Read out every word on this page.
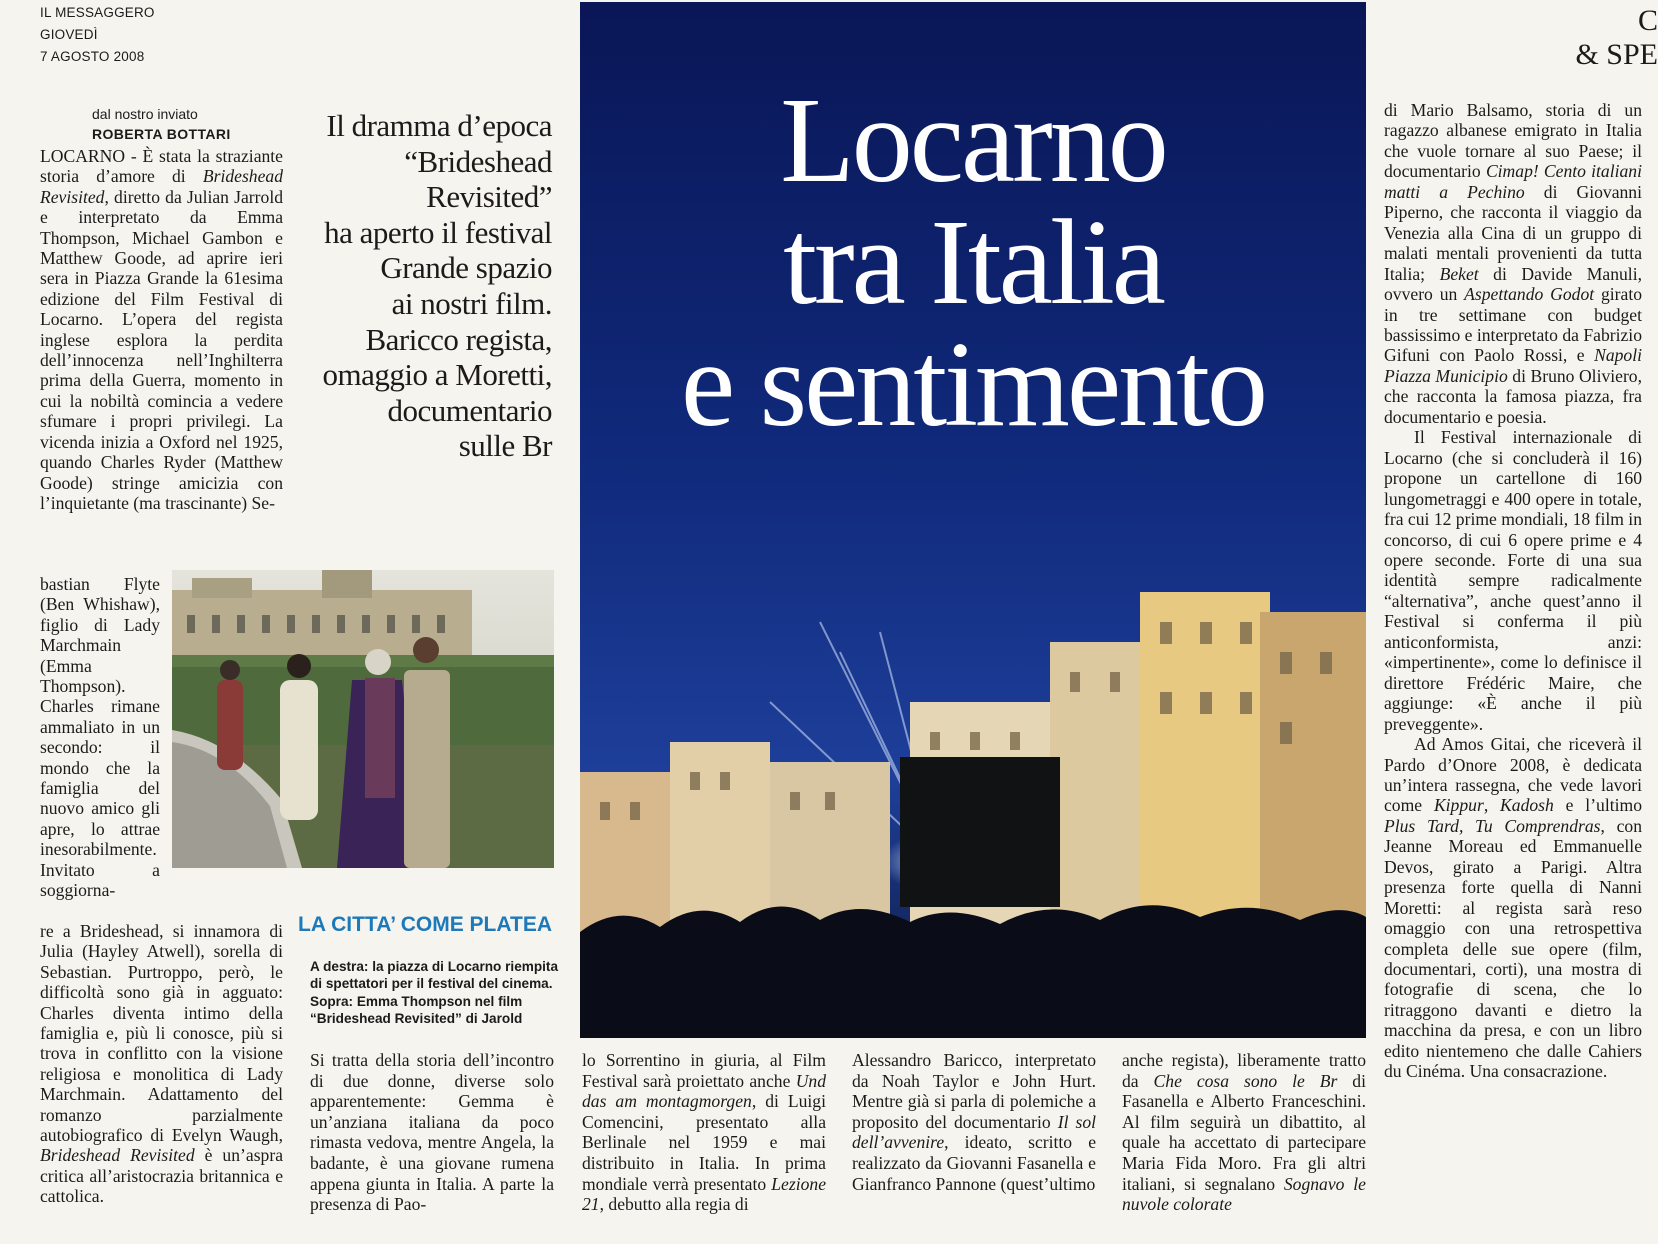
IL MESSAGGERO
GIOVEDÌ
7 AGOSTO 2008
C
& SPE
dal nostro inviato
ROBERTA BOTTARI
LOCARNO - È stata la straziante storia d’amore di Brideshead Revisited, diretto da Julian Jarrold e interpretato da Emma Thompson, Michael Gambon e Matthew Goode, ad aprire ieri sera in Piazza Grande la 61esima edizione del Film Festival di Locarno. L’opera del regista inglese esplora la perdita dell’innocenza nell’Inghilterra prima della Guerra, momento in cui la nobiltà comincia a vedere sfumare i propri privilegi. La vicenda inizia a Oxford nel 1925, quando Charles Ryder (Matthew Goode) stringe amicizia con l’inquietante (ma trascinante) Se-
bastian Flyte (Ben Whishaw), figlio di Lady Marchmain (Emma Thompson). Charles rimane ammaliato in un secondo: il mondo che la famiglia del nuovo amico gli apre, lo attrae inesorabilmente. Invitato a soggiorna-
re a Brideshead, si innamora di Julia (Hayley Atwell), sorella di Sebastian. Purtroppo, però, le difficoltà sono già in agguato: Charles diventa intimo della famiglia e, più li conosce, più si trova in conflitto con la visione religiosa e monolitica di Lady Marchmain. Adattamento del romanzo parzialmente autobiografico di Evelyn Waugh, Brideshead Revisited è un’aspra critica all’aristocrazia britannica e cattolica.
Il dramma d’epoca
“Brideshead
Revisited”
ha aperto il festival
Grande spazio
ai nostri film.
Baricco regista,
omaggio a Moretti,
documentario
sulle Br
LA CITTA’ COME PLATEA
A destra: la piazza di Locarno riempita di spettatori per il festival del cinema. Sopra: Emma Thompson nel film “Brideshead Revisited” di Jarold
Si tratta della storia dell’incontro di due donne, diverse solo apparentemente: Gemma è un’anziana italiana da poco rimasta vedova, mentre Angela, la badante, è una giovane rumena appena giunta in Italia. A parte la presenza di Pao-
lo Sorrentino in giuria, al Film Festival sarà proiettato anche Und das am montagmorgen, di Luigi Comencini, presentato alla Berlinale nel 1959 e mai distribuito in Italia. In prima mondiale verrà presentato Lezione 21, debutto alla regia di
Alessandro Baricco, interpretato da Noah Taylor e John Hurt. Mentre già si parla di polemiche a proposito del documentario Il sol dell’avvenire, ideato, scritto e realizzato da Giovanni Fasanella e Gianfranco Pannone (quest’ultimo
anche regista), liberamente tratto da Che cosa sono le Br di Fasanella e Alberto Franceschini. Al film seguirà un dibattito, al quale ha accettato di partecipare Maria Fida Moro. Fra gli altri italiani, si segnalano Sognavo le nuvole colorate
Locarno
tra Italia
e sentimento

di Mario Balsamo, storia di un ragazzo albanese emigrato in Italia che vuole tornare al suo Paese; il documentario Cimap! Cento italiani matti a Pechino di Giovanni Piperno, che racconta il viaggio da Venezia alla Cina di un gruppo di malati mentali provenienti da tutta Italia; Beket di Davide Manuli, ovvero un Aspettando Godot girato in tre settimane con budget bassissimo e interpretato da Fabrizio Gifuni con Paolo Rossi, e Napoli Piazza Municipio di Bruno Oliviero, che racconta la famosa piazza, fra documentario e poesia.

Il Festival internazionale di Locarno (che si concluderà il 16) propone un cartellone di 160 lungometraggi e 400 opere in totale, fra cui 12 prime mondiali, 18 film in concorso, di cui 6 opere prime e 4 opere seconde. Forte di una sua identità sempre radicalmente “alternativa”, anche quest’anno il Festival si conferma il più anticonformista, anzi: «impertinente», come lo definisce il direttore Frédéric Maire, che aggiunge: «È anche il più preveggente».

Ad Amos Gitai, che riceverà il Pardo d’Onore 2008, è dedicata un’intera rassegna, che vede lavori come Kippur, Kadosh e l’ultimo Plus Tard, Tu Comprendras, con Jeanne Moreau ed Emmanuelle Devos, girato a Parigi. Altra presenza forte quella di Nanni Moretti: al regista sarà reso omaggio con una retrospettiva completa delle sue opere (film, documentari, corti), una mostra di fotografie di scena, che lo ritraggono davanti e dietro la macchina da presa, e con un libro edito nientemeno che dalle Cahiers du Cinéma. Una consacrazione.
